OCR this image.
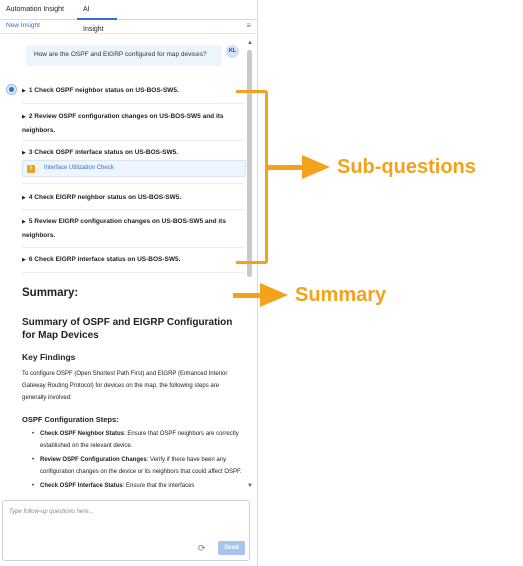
Automation Insight	AI Insight
New Insight	≡
▲
▼
How are the OSPF and EIGRP configured for map devices?	KL
▶ 1 Check OSPF neighbor status on US-BOS-SW5.
▶ 2 Review OSPF configuration changes on US-BOS-SW5 and its neighbors.
▶ 3 Check OSPF interface status on US-BOS-SW5.
!	Interface Utilization Check
▶ 4 Check EIGRP neighbor status on US-BOS-SW5.
▶ 5 Review EIGRP configuration changes on US-BOS-SW5 and its neighbors.
▶ 6 Check EIGRP interface status on US-BOS-SW5.
Summary:
Summary of OSPF and EIGRP Configuration for Map Devices
Key Findings
To configure OSPF (Open Shortest Path First) and EIGRP (Enhanced Interior Gateway Routing Protocol) for devices on the map, the following steps are generally involved:
OSPF Configuration Steps:
• Check OSPF Neighbor Status: Ensure that OSPF neighbors are correctly established on the relevant device.
• Review OSPF Configuration Changes: Verify if there have been any configuration changes on the device or its neighbors that could affect OSPF.
• Check OSPF Interface Status: Ensure that the interfaces
Type follow-up questions here...
⟳	Send
Sub-questions
Summary
